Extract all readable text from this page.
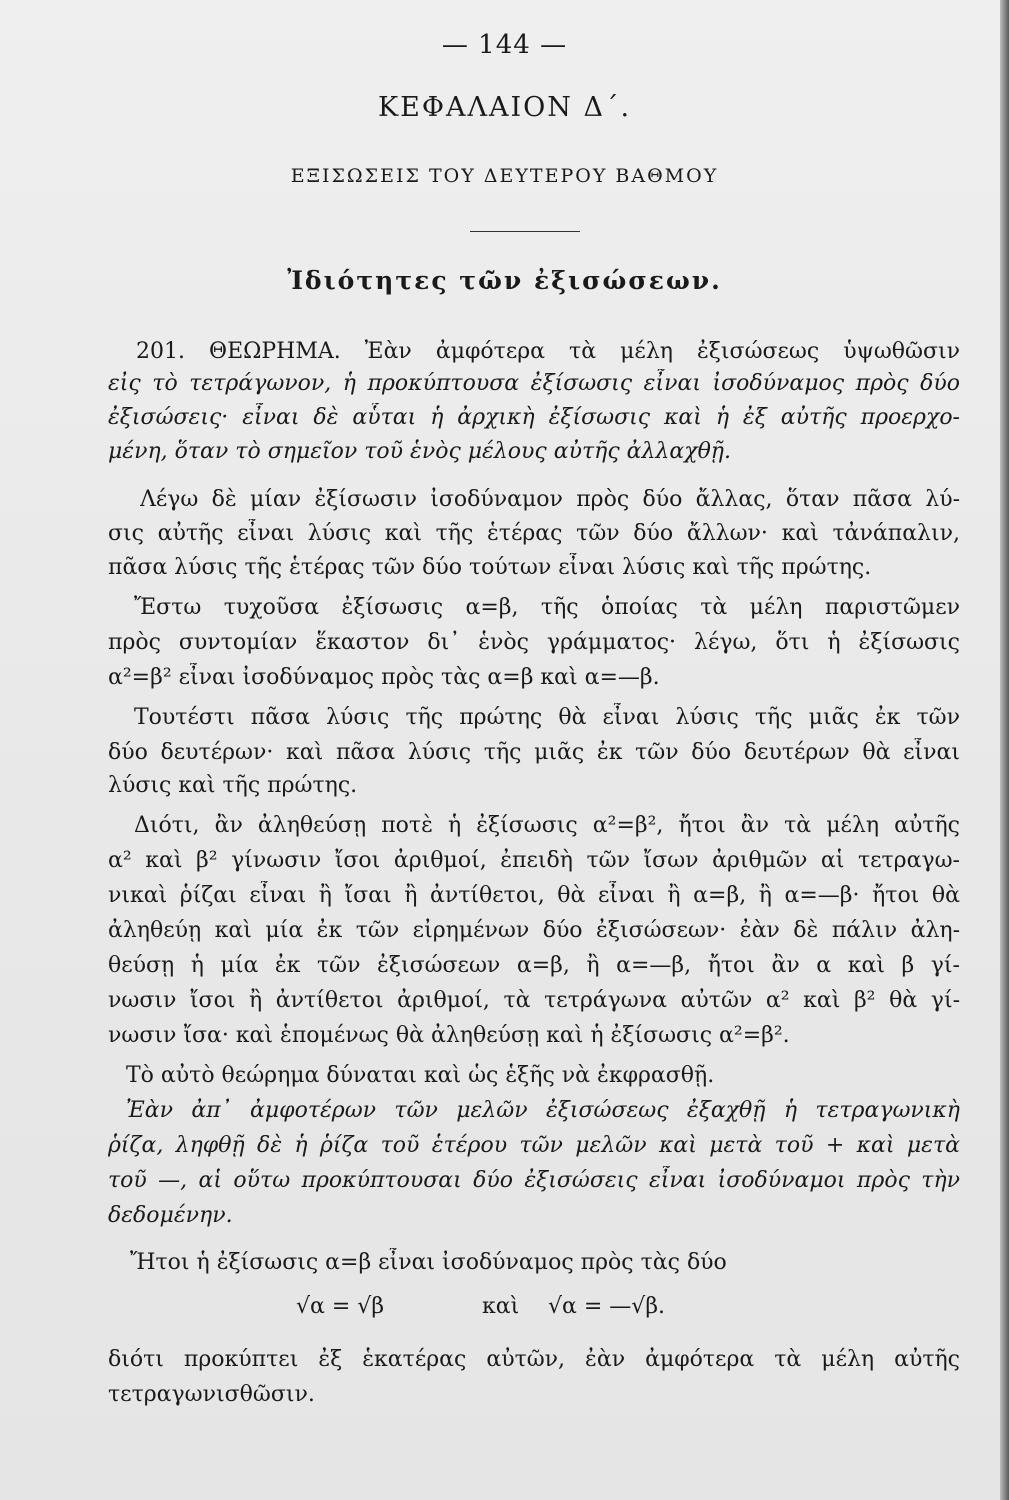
— 144 —
ΚΕΦΑΛΑΙΟΝ Δ΄.
ΕΞΙΣΩΣΕΙΣ ΤΟΥ ΔΕΥΤΕΡΟΥ ΒΑΘΜΟΥ
Ἰδιότητες τῶν ἐξισώσεων.
201. ΘΕΩΡΗΜΑ. Ἐὰν ἀμφότερα τὰ μέλη ἐξισώσεως ὑψωθῶσιν
εἰς τὸ τετράγωνον, ἡ προκύπτουσα ἐξίσωσις εἶναι ἰσοδύναμος πρὸς δύο
ἐξισώσεις· εἶναι δὲ αὗται ἡ ἀρχικὴ ἐξίσωσις καὶ ἡ ἐξ αὐτῆς προερχο-
μένη, ὅταν τὸ σημεῖον τοῦ ἑνὸς μέλους αὐτῆς ἀλλαχθῇ.
Λέγω δὲ μίαν ἐξίσωσιν ἰσοδύναμον πρὸς δύο ἄλλας, ὅταν πᾶσα λύ-
σις αὐτῆς εἶναι λύσις καὶ τῆς ἑτέρας τῶν δύο ἄλλων· καὶ τἀνάπαλιν,
πᾶσα λύσις τῆς ἑτέρας τῶν δύο τούτων εἶναι λύσις καὶ τῆς πρώτης.
Ἔστω τυχοῦσα ἐξίσωσις α=β, τῆς ὁποίας τὰ μέλη παριστῶμεν
πρὸς συντομίαν ἕκαστον δι᾽ ἑνὸς γράμματος· λέγω, ὅτι ἡ ἐξίσωσις
α²=β² εἶναι ἰσοδύναμος πρὸς τὰς α=β καὶ α=—β.
Τουτέστι πᾶσα λύσις τῆς πρώτης θὰ εἶναι λύσις τῆς μιᾶς ἐκ τῶν
δύο δευτέρων· καὶ πᾶσα λύσις τῆς μιᾶς ἐκ τῶν δύο δευτέρων θὰ εἶναι
λύσις καὶ τῆς πρώτης.
Διότι, ἂν ἀληθεύσῃ ποτὲ ἡ ἐξίσωσις α²=β², ἤτοι ἂν τὰ μέλη αὐτῆς
α² καὶ β² γίνωσιν ἴσοι ἀριθμοί, ἐπειδὴ τῶν ἴσων ἀριθμῶν αἱ τετραγω-
νικαὶ ῥίζαι εἶναι ἢ ἴσαι ἢ ἀντίθετοι, θὰ εἶναι ἢ α=β, ἢ α=—β· ἤτοι θὰ
ἀληθεύῃ καὶ μία ἐκ τῶν εἰρημένων δύο ἐξισώσεων· ἐὰν δὲ πάλιν ἀλη-
θεύσῃ ἡ μία ἐκ τῶν ἐξισώσεων α=β, ἢ α=—β, ἤτοι ἂν α καὶ β γί-
νωσιν ἴσοι ἢ ἀντίθετοι ἀριθμοί, τὰ τετράγωνα αὐτῶν α² καὶ β² θὰ γί-
νωσιν ἴσα· καὶ ἑπομένως θὰ ἀληθεύσῃ καὶ ἡ ἐξίσωσις α²=β².
Τὸ αὐτὸ θεώρημα δύναται καὶ ὡς ἑξῆς νὰ ἐκφρασθῇ.
Ἐὰν ἀπ᾽ ἀμφοτέρων τῶν μελῶν ἐξισώσεως ἐξαχθῇ ἡ τετραγωνικὴ
ῥίζα, ληφθῇ δὲ ἡ ῥίζα τοῦ ἑτέρου τῶν μελῶν καὶ μετὰ τοῦ + καὶ μετὰ
τοῦ —, αἱ οὕτω προκύπτουσαι δύο ἐξισώσεις εἶναι ἰσοδύναμοι πρὸς τὴν
δεδομένην.
Ἤτοι ἡ ἐξίσωσις α=β εἶναι ἰσοδύναμος πρὸς τὰς δύο
διότι προκύπτει ἐξ ἑκατέρας αὐτῶν, ἐὰν ἀμφότερα τὰ μέλη αὐτῆς
τετραγωνισθῶσιν.
√α = √β	καὶ √α = —√β.
